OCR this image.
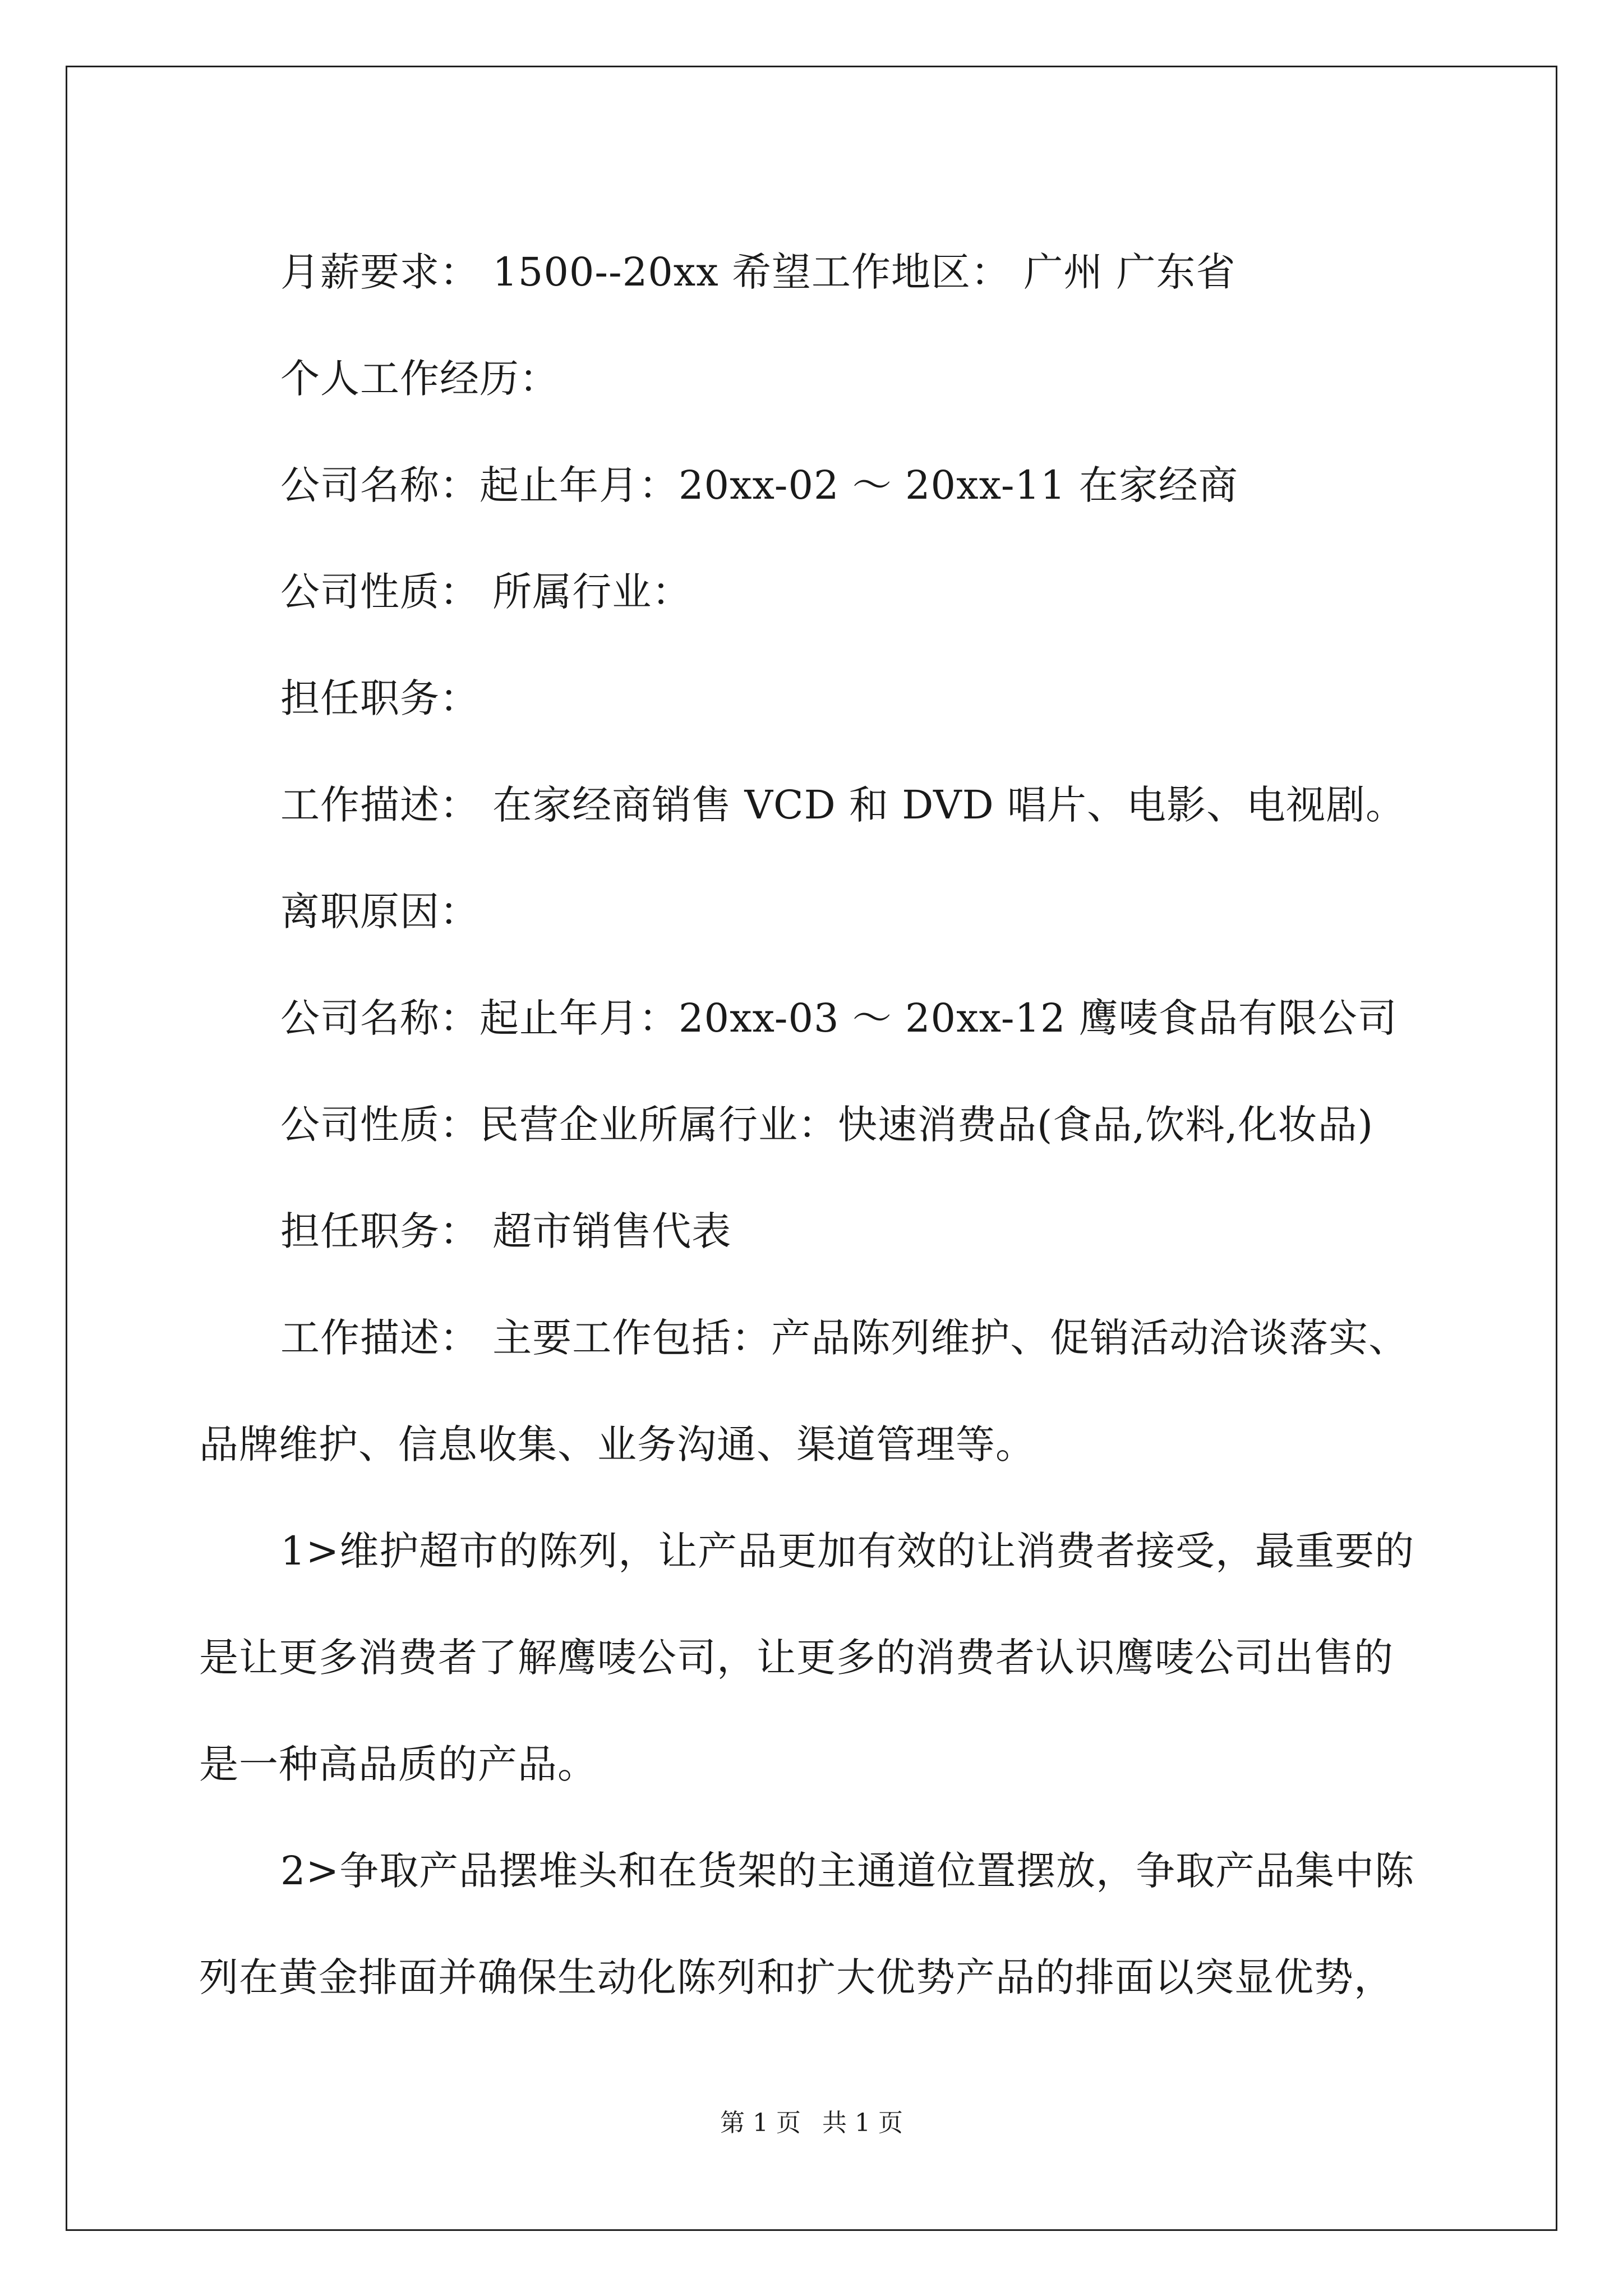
月薪要求： 1500--20xx 希望工作地区： 广州 广东省
个人工作经历：
公司名称：起止年月：20xx-02 ～ 20xx-11 在家经商
公司性质： 所属行业：
担任职务：
工作描述： 在家经商销售 VCD 和 DVD 唱片、电影、电视剧。
离职原因：
公司名称：起止年月：20xx-03 ～ 20xx-12 鹰唛食品有限公司
公司性质：民营企业所属行业：快速消费品(食品,饮料,化妆品)
担任职务： 超市销售代表
工作描述： 主要工作包括：产品陈列维护、促销活动洽谈落实、
品牌维护、信息收集、业务沟通、渠道管理等。
1>维护超市的陈列，让产品更加有效的让消费者接受，最重要的
是让更多消费者了解鹰唛公司，让更多的消费者认识鹰唛公司出售的
是一种高品质的产品。
2>争取产品摆堆头和在货架的主通道位置摆放，争取产品集中陈
列在黄金排面并确保生动化陈列和扩大优势产品的排面以突显优势，
第 1 页 共 1 页
